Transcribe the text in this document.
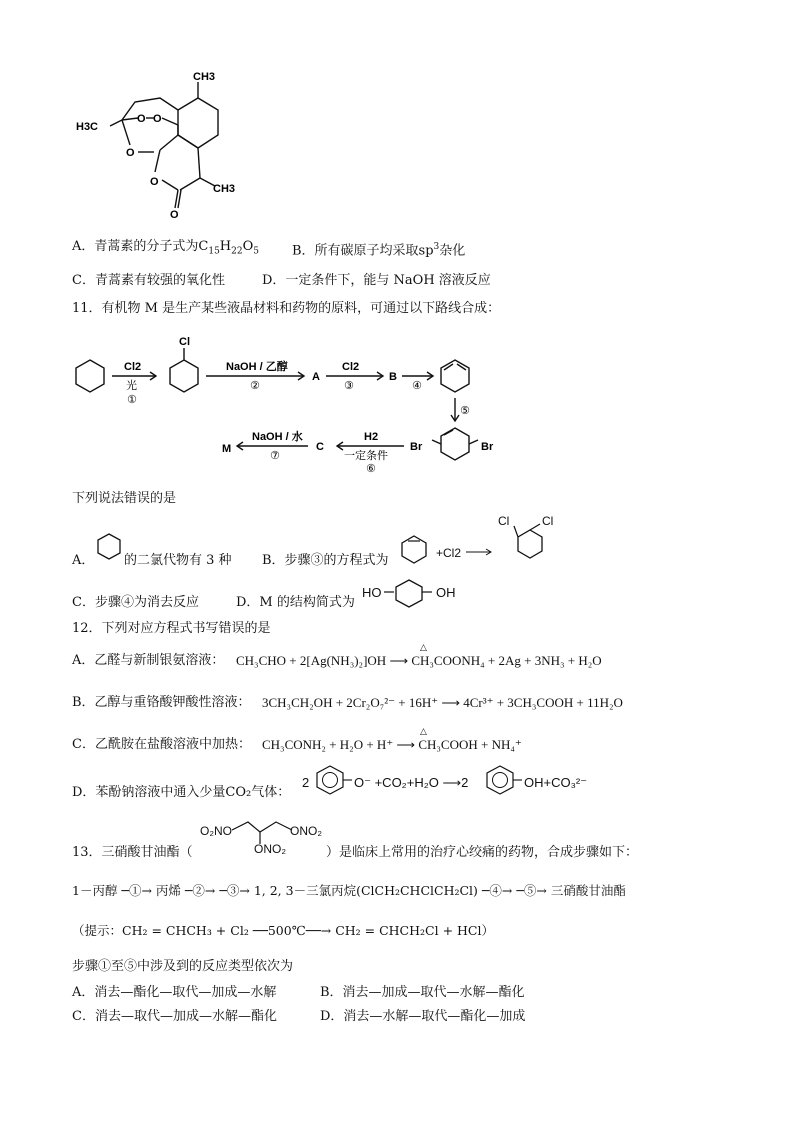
CH3
H3C
CH3
O O
O
O
O
A．青蒿素的分子式为$C_{15}H_{22}O_5$	B．所有碳原子均采取$sp^3$杂化
C．青蒿素有较强的氧化性	D．一定条件下，能与 NaOH 溶液反应
11．有机物 M 是生产某些液晶材料和药物的原料，可通过以下路线合成：
Cl2
光
①
Cl
NaOH / 乙醇
②
A
Cl2
③
B
④
⑤
Br	Br
H2
一定条件
⑥
C
NaOH / 水
⑦
M
下列说法错误的是
A． 的二氯代物有 3 种 B．步骤③的方程式为	+Cl2
Cl	Cl
C．步骤④为消去反应	D．M 的结构简式为
HO	OH
12．下列对应方程式书写错误的是
A．乙醛与新制银氨溶液： CH₃CHO + 2[Ag(NH₃)₂]OH ⟶ CH₃COONH₄ + 2Ag + 3NH₃ + H₂O
△
B．乙醇与重铬酸钾酸性溶液： 3CH₃CH₂OH + 2Cr₂O₇²⁻ + 16H⁺ ⟶ 4Cr³⁺ + 3CH₃COOH + 11H₂O
C．乙酰胺在盐酸溶液中加热： CH₃CONH₂ + H₂O + H⁺ ⟶ CH₃COOH + NH₄⁺
△
D．苯酚钠溶液中通入少量CO₂气体：
2	O⁻ +CO₂+H₂O ⟶2	OH+CO₃²⁻
13．三硝酸甘油酯（
O₂NO	ONO₂
ONO₂	）是临床上常用的治疗心绞痛的药物，合成步骤如下：
1－丙醇 ─①→ 丙烯 ─②→ ─③→ 1, 2, 3－三氯丙烷(ClCH₂CHClCH₂Cl) ─④→ ─⑤→ 三硝酸甘油酯
（提示：CH₂ = CHCH₃ + Cl₂ ──500℃──→ CH₂ = CHCH₂Cl + HCl）
步骤①至⑤中涉及到的反应类型依次为
A．消去—酯化—取代—加成—水解	B．消去—加成—取代—水解—酯化
C．消去—取代—加成—水解—酯化	D．消去—水解—取代—酯化—加成
